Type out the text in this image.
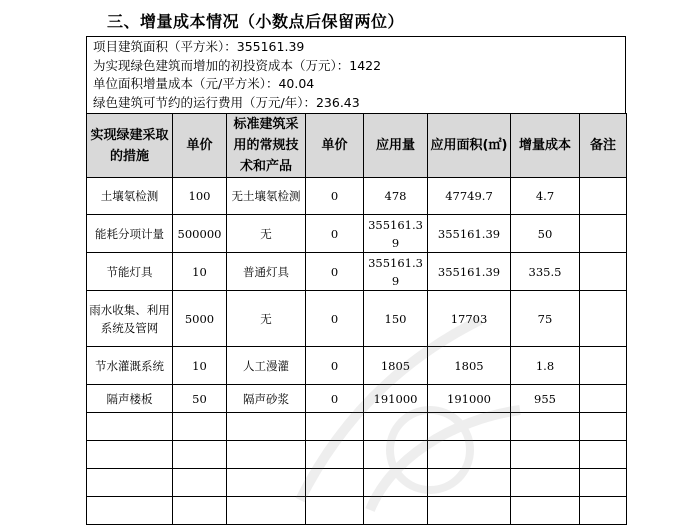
三、增量成本情况（小数点后保留两位）
项目建筑面积（平方米）：355161.39
为实现绿色建筑而增加的初投资成本（万元）：1422
单位面积增量成本（元/平方米）：40.04
绿色建筑可节约的运行费用（万元/年）：236.43
实现绿建采取的措施	单价	标准建筑采用的常规技术和产品	单价	应用量	应用面积(㎡)	增量成本	备注
土壤氡检测	100	无土壤氡检测	0	478	47749.7	4.7	
能耗分项计量	500000	无	0	355161.39	355161.39	50	
节能灯具	10	普通灯具	0	355161.39	355161.39	335.5	
雨水收集、利用系统及管网	5000	无	0	150	17703	75	
节水灌溉系统	10	人工漫灌	0	1805	1805	1.8	
隔声楼板	50	隔声砂浆	0	191000	191000	955	
